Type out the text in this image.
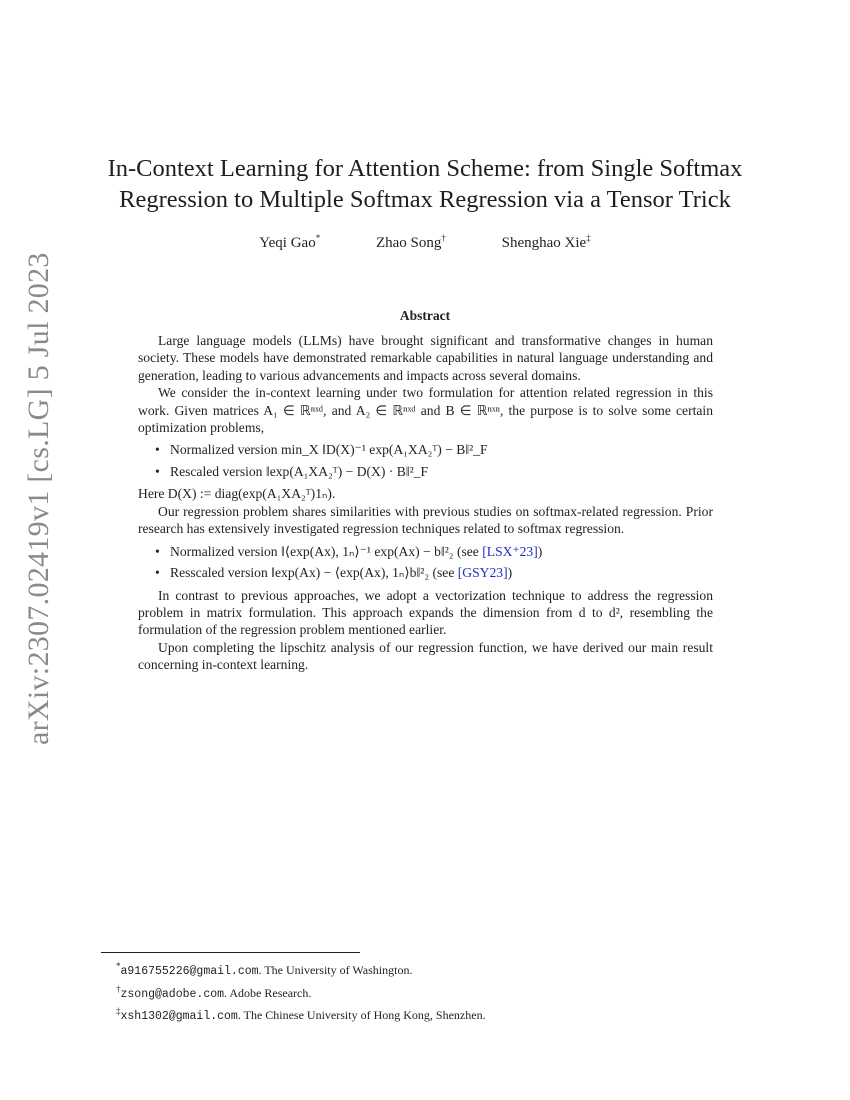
arXiv:2307.02419v1 [cs.LG] 5 Jul 2023
In-Context Learning for Attention Scheme: from Single Softmax
Regression to Multiple Softmax Regression via a Tensor Trick
Yeqi Gao*	Zhao Song†	Shenghao Xie‡
Abstract

Large language models (LLMs) have brought significant and transformative changes in human society. These models have demonstrated remarkable capabilities in natural language understanding and generation, leading to various advancements and impacts across several domains.

We consider the in-context learning under two formulation for attention related regression in this work. Given matrices A₁ ∈ ℝⁿˣᵈ, and A₂ ∈ ℝⁿˣᵈ and B ∈ ℝⁿˣⁿ, the purpose is to solve some certain optimization problems,

• Normalized version min_X ‖D(X)⁻¹ exp(A₁XA₂ᵀ) − B‖²_F
• Rescaled version ‖exp(A₁XA₂ᵀ) − D(X) · B‖²_F

Here D(X) := diag(exp(A₁XA₂ᵀ)1ₙ).

Our regression problem shares similarities with previous studies on softmax-related regression. Prior research has extensively investigated regression techniques related to softmax regression.

• Normalized version ‖⟨exp(Ax), 1ₙ⟩⁻¹ exp(Ax) − b‖²₂ (see [LSX⁺23])
• Resscaled version ‖exp(Ax) − ⟨exp(Ax), 1ₙ⟩b‖²₂ (see [GSY23])

In contrast to previous approaches, we adopt a vectorization technique to address the regression problem in matrix formulation. This approach expands the dimension from d to d², resembling the formulation of the regression problem mentioned earlier.

Upon completing the lipschitz analysis of our regression function, we have derived our main result concerning in-context learning.

*a916755226@gmail.com. The University of Washington.
†zsong@adobe.com. Adobe Research.
‡xsh1302@gmail.com. The Chinese University of Hong Kong, Shenzhen.
